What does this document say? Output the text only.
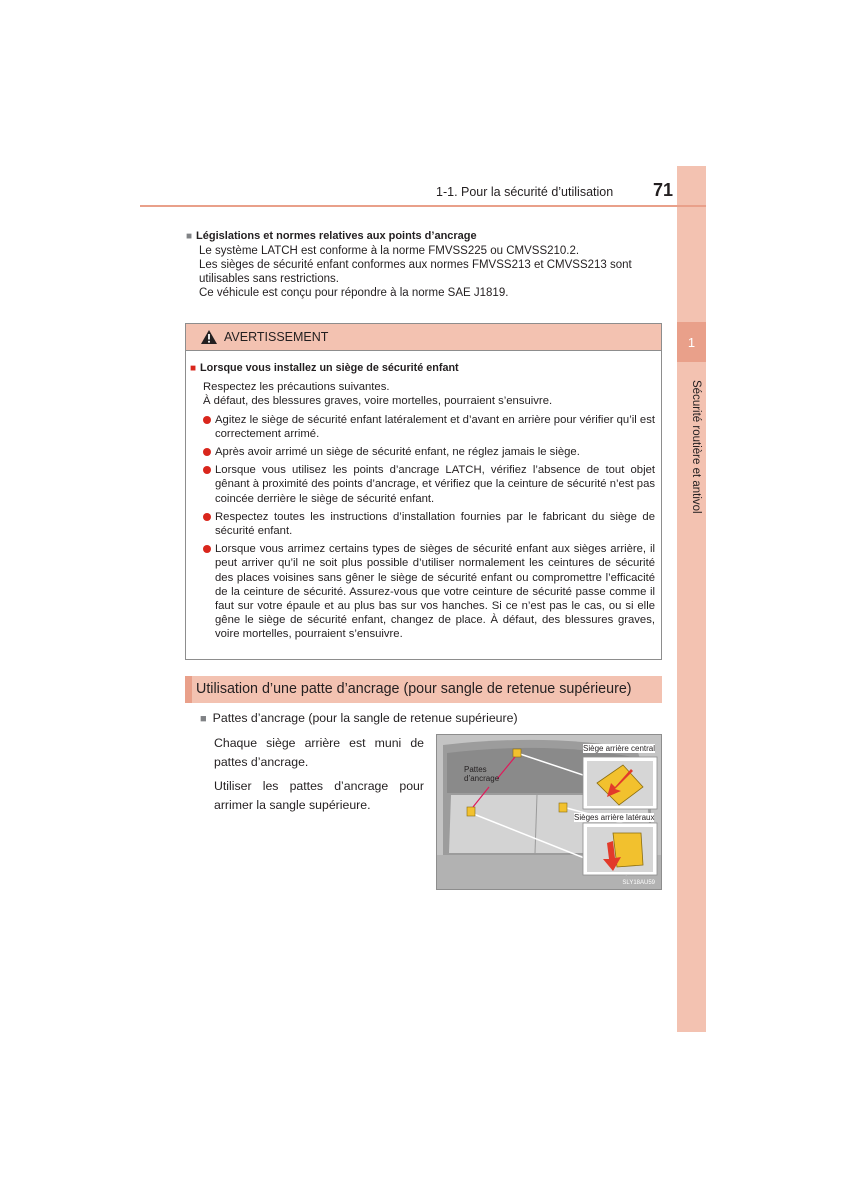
1
Sécurité routière et antivol
1-1. Pour la sécurité d’utilisation 71
■ Législations et normes relatives aux points d’ancrage
Le système LATCH est conforme à la norme FMVSS225 ou CMVSS210.2.
Les sièges de sécurité enfant conformes aux normes FMVSS213 et CMVSS213 sont utilisables sans restrictions.
Ce véhicule est conçu pour répondre à la norme SAE J1819.
AVERTISSEMENT
■ Lorsque vous installez un siège de sécurité enfant
Respectez les précautions suivantes.
À défaut, des blessures graves, voire mortelles, pourraient s’ensuivre.
Agitez le siège de sécurité enfant latéralement et d’avant en arrière pour vérifier qu’il est correctement arrimé.
Après avoir arrimé un siège de sécurité enfant, ne réglez jamais le siège.
Lorsque vous utilisez les points d’ancrage LATCH, vérifiez l’absence de tout objet gênant à proximité des points d’ancrage, et vérifiez que la ceinture de sécurité n’est pas coincée derrière le siège de sécurité enfant.
Respectez toutes les instructions d’installation fournies par le fabricant du siège de sécurité enfant.
Lorsque vous arrimez certains types de sièges de sécurité enfant aux sièges arrière, il peut arriver qu’il ne soit plus possible d’utiliser normalement les ceintures de sécurité des places voisines sans gêner le siège de sécurité enfant ou compromettre l’efficacité de la ceinture de sécurité. Assurez-vous que votre ceinture de sécurité passe comme il faut sur votre épaule et au plus bas sur vos hanches. Si ce n’est pas le cas, ou si elle gêne le siège de sécurité enfant, changez de place. À défaut, des blessures graves, voire mortelles, pourraient s’ensuivre.
Utilisation d’une patte d’ancrage (pour sangle de retenue supérieure)
■ Pattes d’ancrage (pour la sangle de retenue supérieure)
Chaque siège arrière est muni de pattes d’ancrage.
Utiliser les pattes d’ancrage pour arrimer la sangle supérieure.
Pattes
d’ancrage
Siège arrière central
Sièges arrière latéraux
SLY18AU59
